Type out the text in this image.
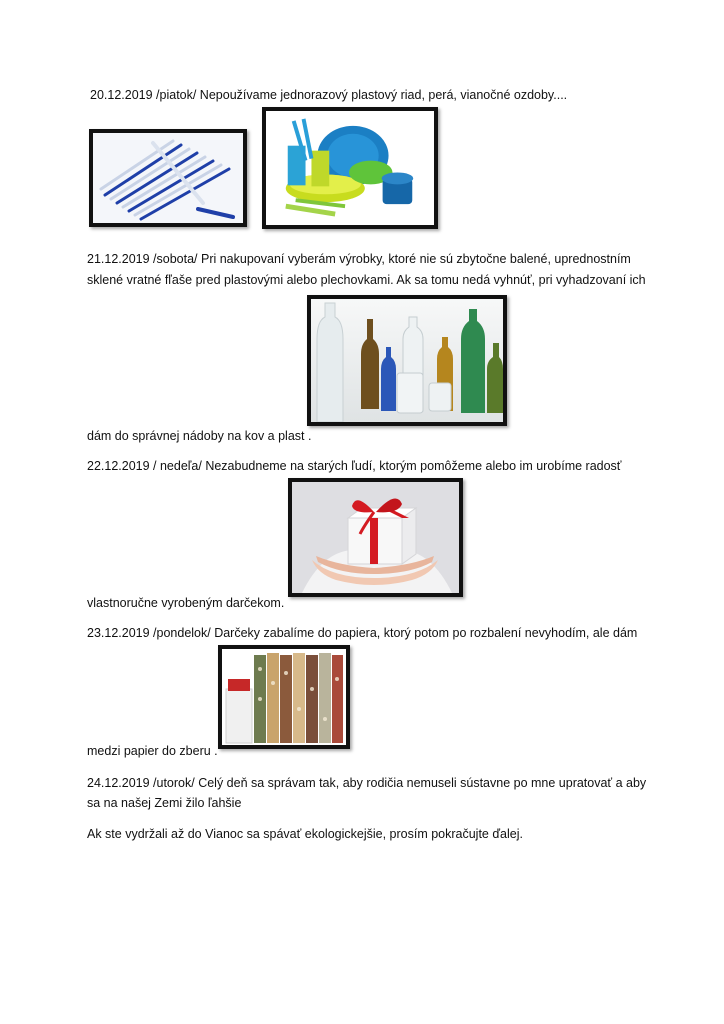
20.12.2019 /piatok/ Nepoužívame jednorazový plastový riad, perá, vianočné ozdoby....
21.12.2019 /sobota/ Pri nakupovaní vyberám výrobky, ktoré nie sú zbytočne balené, uprednostním
sklené vratné fľaše pred plastovými alebo plechovkami. Ak sa tomu nedá vyhnúť, pri vyhadzovaní ich
dám do správnej nádoby na kov a plast .
22.12.2019 / nedeľa/ Nezabudneme na starých ľudí, ktorým pomôžeme alebo im urobíme radosť
vlastnoručne vyrobeným darčekom.
23.12.2019 /pondelok/ Darčeky zabalíme do papiera, ktorý potom po rozbalení nevyhodím, ale dám
medzi papier do zberu .
24.12.2019 /utorok/ Celý deň sa správam tak, aby rodičia nemuseli sústavne po mne upratovať a aby
sa na našej Zemi žilo ľahšie
Ak ste vydržali až do Vianoc sa spávať ekologickejšie, prosím pokračujte ďalej.
